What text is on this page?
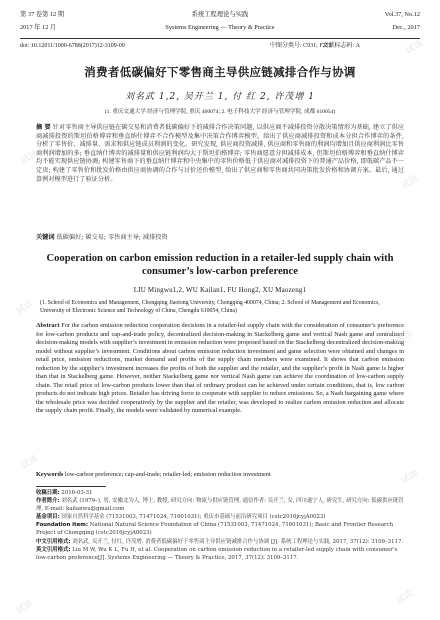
第 37 卷第 12 期	系统工程理论与实践	Vol.37, No.12
2017 年 12 月	Systems Engineering — Theory & Practice	Dec., 2017
doi: 10.12011/1000-6788(2017)12-3109-09	中图分类号: C931; F272
文献标志码: A
消费者低碳偏好下零售商主导供应链减排合作与协调
刘名武 1,2, 吴开兰 1, 付 红 2, 许茂增 1
(1. 重庆交通大学 经济与管理学院, 重庆 400074; 2. 电子科技大学 经济与管理学院, 成都 610054)
摘 要 针对零售商主导供应链在碳交易和消费者低碳偏好下的减排合作决策问题, 以供应商不减排投资分散决策情形为基础, 建立了供应商减排投资的斯坦伯格博弈和垂直纳什博弈不合作模型及集中决策合作博弈模型。给出了供应商减排投资和成本分担合作博弈的条件, 分析了零售价、减排量、需求和供应链成员利润的变化。研究发现, 供应商投资减排, 供应商和零售商的利润均增加且供应商利润比零售商利润增加的多; 垂直纳什博弈的减排量和供应链利润均大于斯坦伯格博弈; 零售商愿意分担减排成本, 但斯坦伯格博弈和垂直纳什博弈均不能实现供应链协调; 构建零售商下的垂直纳什博弈和中央集中的零售价格低于供应商对减排投资下的普通产品价格, 即低碳产品不一定贵; 构建了零售价和批发价格由供应商协调的合作与讨价还价模型, 给出了供应商和零售商共同决策批发价格和协调方案。最后, 通过算例对模型进行了验证分析。
关键词 低碳偏好; 碳交易; 零售商主导; 减排投资
Cooperation on carbon emission reduction in a retailer-led supply chain with consumer’s low-carbon preference
LIU Mingwu1,2, WU Kailan1, FU Hong2, XU Maozeng1
(1. School of Economics and Management, Chongqing Jiaotong University, Chongqing 400074, China; 2. School of Management and Economics, University of Electronic Science and Technology of China, Chengdu 610054, China)
Abstract For the carbon emission reduction cooperation decisions in a retailer-led supply chain with the consideration of consumer’s preference for low-carbon products and cap-and-trade policy, decentralized decision-making in Stackelberg game and vertical Nash game and centralized decision-making models with supplier’s investment in emission reduction were proposed based on the Stackelberg decentralized decision-making model without supplier’s investment. Conditions about carbon emission reduction investment and game selection were obtained and changes in retail price, emission reductions, market demand and profits of the supply chain members were examined. It shows that carbon emission reduction by the supplier’s investment increases the profits of both the supplier and the retailer, and the supplier’s profit in Nash game is higher than that in Stackelberg game. However, neither Stackelberg game nor vertical Nash game can achieve the coordination of low-carbon supply chain. The retail price of low-carbon products lower than that of ordinary product can be achieved under certain conditions, that is, low carbon products do not indicate high prices. Retailer has driving force to cooperate with supplier to reduce emissions. So, a Nash bargaining game where the wholesale price was decided cooperatively by the supplier and the retailer, was developed to realize carbon emission reduction and allocate the supply chain profit. Finally, the models were validated by numerical example.
Keywords low-carbon preference; cap-and-trade; retailer-led; emission reduction investment

收稿日期: 2016-03-31

作者简介: 刘名武 (1979–), 男, 安徽北为人, 博士, 教授, 研究方向: 物流与供应链管理, 通信作者: 吴开兰, 女, 四川遂宁人, 研究生, 研究方向: 低碳供应链管理, E-mail: kailanwu@gmail.com

基金项目: 国家自然科学基金 (71531003, 71471024, 71601031); 重庆市基础与前沿研究项目 (cstc2016jcyjA0023)

Foundation item: National Natural Science Foundation of China (71531003, 71471024, 71601031); Basic and Frontier Research Project of Chongqing (cstc2016jcyjA0023)

中文引用格式: 刘名武, 吴开兰, 付红, 许茂增. 消费者低碳偏好下零售商主导供应链减排合作与协调 [J]. 系统工程理论与实践, 2017, 37(12): 3109–3117.

英文引用格式: Liu M W, Wu K L, Fu H, et al. Cooperation on carbon emission reduction in a retailer-led supply chain with consumer’s low-carbon preference[J]. Systems Engineering — Theory & Practice, 2017, 37(12): 3109–3117.

试读
试读
试读
试读
试读
试读
试读
试读
试读
